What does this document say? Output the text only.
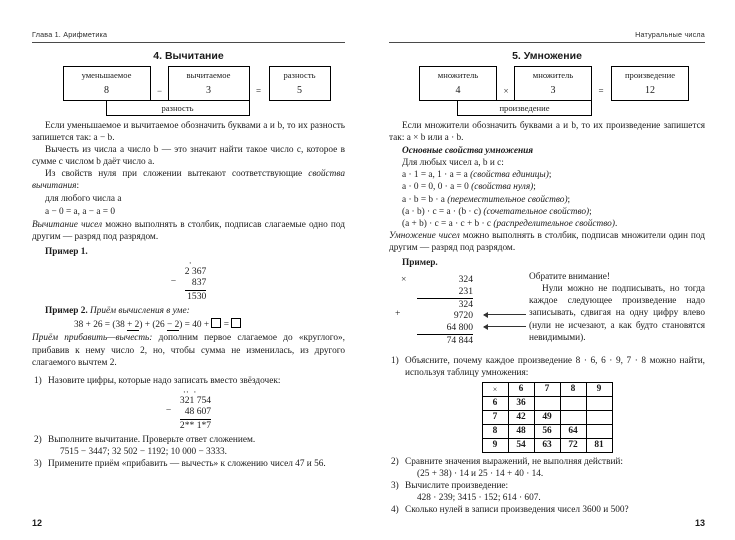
Глава 1. Арифметика
4. Вычитание
уменьшаемое
8	−
вычитаемое
3	=
разность
5
разность

Если уменьшаемое и вычитаемое обозначить буквами a и b, то их разность запишется так: a − b.

Вычесть из числа a число b — это значит найти такое число c, которое в сумме с числом b даёт число a.

Из свойств нуля при сложении вытекают соответствующие свойства вычитания:

для любого числа a

a − 0 = a, a − a = 0

Вычитание чисел можно выполнять в столбик, подписав слагаемые одно под другим — разряд под разрядом.

Пример 1.

·
2 367
−	837
1530

Пример 2. Приём вычисления в уме:

38 + 26 = (38 + 2) + (26 − 2) = 40 +  =

Приём прибавить—вычесть: дополним первое слагаемое до «круглого», прибавив к нему число 2, но, чтобы сумма не изменилась, из другого слагаемого вычтем 2.

1) Назовите цифры, которые надо записать вместо звёздочек:

··  ·
321 754
−	48 607
2** 1*7

2) Выполните вычитание. Проверьте ответ сложением.
7515 − 3447; 32 502 − 1192; 10 000 − 3333.

3) Примените приём «прибавить — вычесть» к сложению чисел 47 и 56.

12
Натуральные числа
5. Умножение
множитель
4	×
множитель
3	=
произведение
12
произведение

Если множители обозначить буквами a и b, то их произведение запишется так: a × b или a · b.

Основные свойства умножения

Для любых чисел a, b и c:

a · 1 = a, 1 · a = a (свойства единицы);

a · 0 = 0, 0 · a = 0 (свойства нуля);

a · b = b · a (переместительное свойство);

(a · b) · c = a · (b · c) (сочетательное свойство);

(a + b) · c = a · c + b · c (распределительное свойство).

Умножение чисел можно выполнять в столбик, подписав множители один под другим — разряд под разрядом.

Пример.

324
×
231
324
9720
+
64 800
74 844
Обратите внимание!
Нули можно не подписывать, но тогда каждое следующее произведение надо записывать, сдвигая на одну цифру влево (нули не исчезают, а как будто становятся невидимыми).

1) Объясните, почему каждое произведение 8 · 6, 6 · 9, 7 · 8 можно найти, используя таблицу умножения:

×	6	7	8	9
6	36			
7	42	49		
8	48	56	64	
9	54	63	72	81

2) Сравните значения выражений, не выполняя действий:
(25 + 38) · 14 и 25 · 14 + 40 · 14.

3) Вычислите произведение:
428 · 239; 3415 · 152; 614 · 607.

4) Сколько нулей в записи произведения чисел 3600 и 500?

13
